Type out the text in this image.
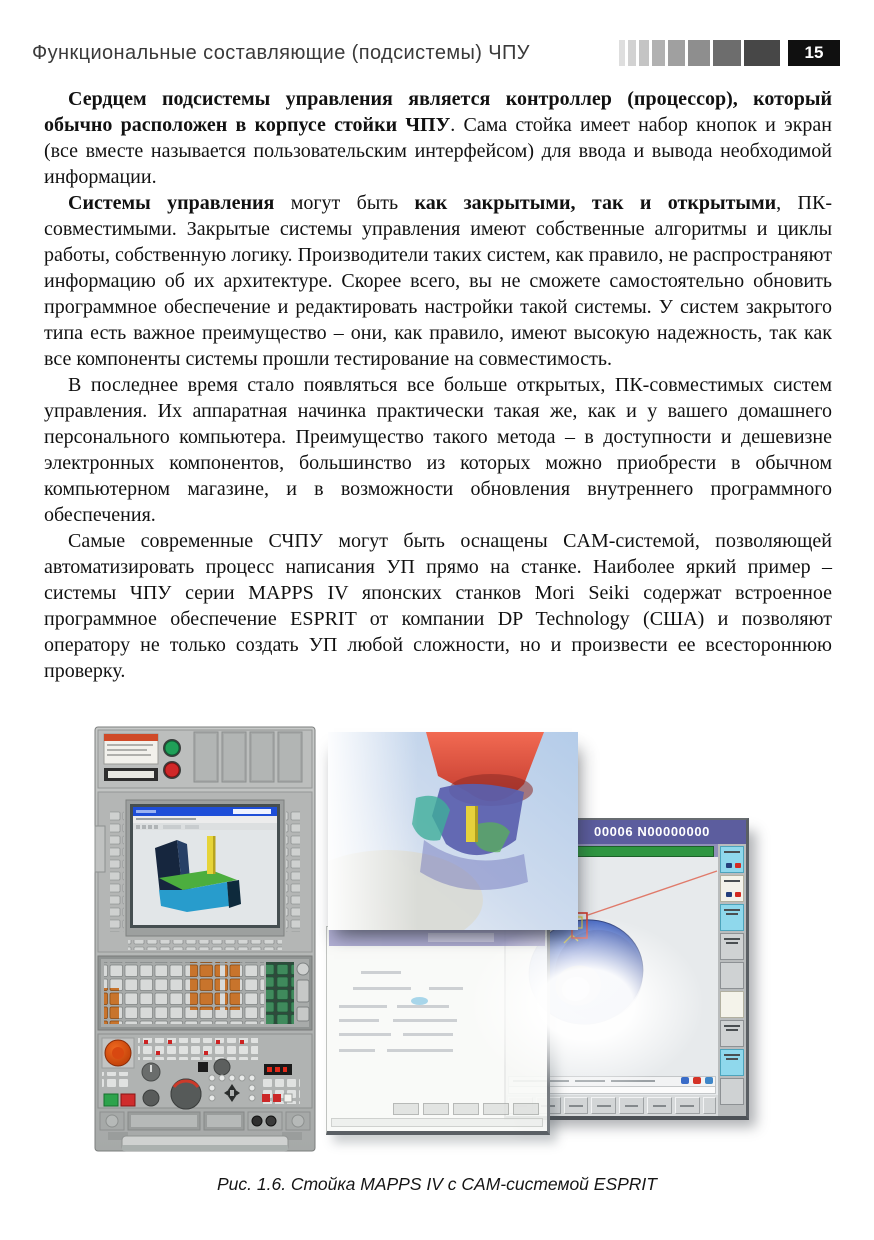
Функциональные составляющие (подсистемы) ЧПУ	15

Сердцем подсистемы управления является контроллер (процессор), который обычно расположен в корпусе стойки ЧПУ. Сама стойка имеет набор кнопок и экран (все вместе называется пользовательским интерфейсом) для ввода и вывода необходимой информации.

Системы управления могут быть как закрытыми, так и открытыми, ПК-совместимыми. Закрытые системы управления имеют собственные алгоритмы и циклы работы, собственную логику. Производители таких систем, как правило, не распространяют информацию об их архитектуре. Скорее всего, вы не сможете самостоятельно обновить программное обеспечение и редактировать настройки такой системы. У систем закрытого типа есть важное преимущество – они, как правило, имеют высокую надежность, так как все компоненты системы прошли тестирование на совместимость.

В последнее время стало появляться все больше открытых, ПК-совместимых систем управления. Их аппаратная начинка практически такая же, как и у вашего домашнего персонального компьютера. Преимущество такого метода – в доступности и дешевизне электронных компонентов, большинство из которых можно приобрести в обычном компьютерном магазине, и в возможности обновления внутреннего программного обеспечения.

Самые современные СЧПУ могут быть оснащены CAM-системой, позволяющей автоматизировать процесс написания УП прямо на станке. Наиболее яркий пример – системы ЧПУ серии MAPPS IV японских станков Mori Seiki содержат встроенное программное обеспечение ESPRIT от компании DP Technology (США) и позволяют оператору не только создать УП любой сложности, но и произвести ее всестороннюю проверку.

00006 N00000000
Рис. 1.6. Стойка MAPPS IV с CAM-системой ESPRIT
